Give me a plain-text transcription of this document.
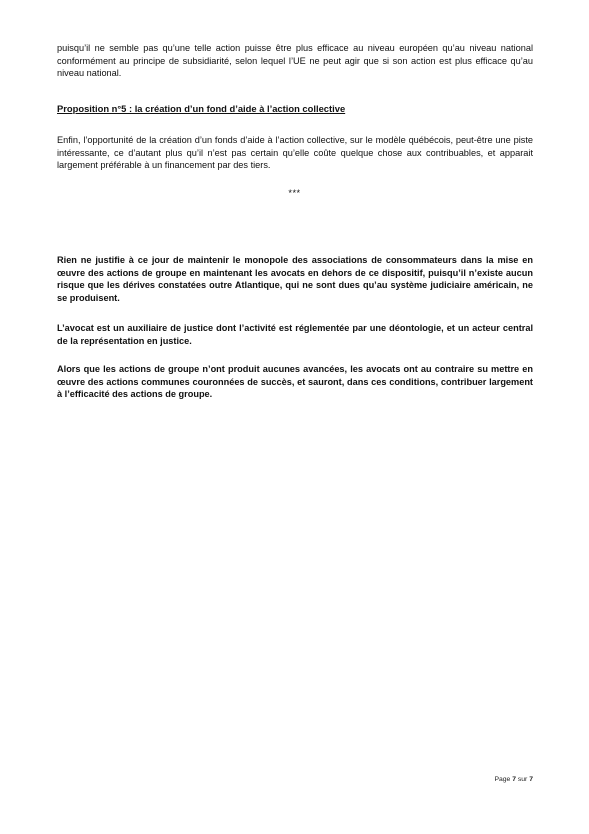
puisqu’il ne semble pas qu’une telle action puisse être plus efficace au niveau européen qu’au niveau national conformément au principe de subsidiarité, selon lequel l’UE ne peut agir que si son action est plus efficace qu’au niveau national.

Proposition n°5 : la création d’un fond d’aide à l’action collective

Enfin, l’opportunité de la création d’un fonds d’aide à l’action collective, sur le modèle québécois, peut-être une piste intéressante, ce d’autant plus qu’il n’est pas certain qu’elle coûte quelque chose aux contribuables, et apparait largement préférable à un financement par des tiers.

***

Rien ne justifie à ce jour de maintenir le monopole des associations de consommateurs dans la mise en œuvre des actions de groupe en maintenant les avocats en dehors de ce dispositif, puisqu’il n’existe aucun risque que les dérives constatées outre Atlantique, qui ne sont dues qu’au système judiciaire américain, ne se produisent.

L’avocat est un auxiliaire de justice dont l’activité est réglementée par une déontologie, et un acteur central de la représentation en justice.

Alors que les actions de groupe n’ont produit aucunes avancées, les avocats ont au contraire su mettre en œuvre des actions communes couronnées de succès, et sauront, dans ces conditions, contribuer largement à l’efficacité des actions de groupe.

Page 7 sur 7
